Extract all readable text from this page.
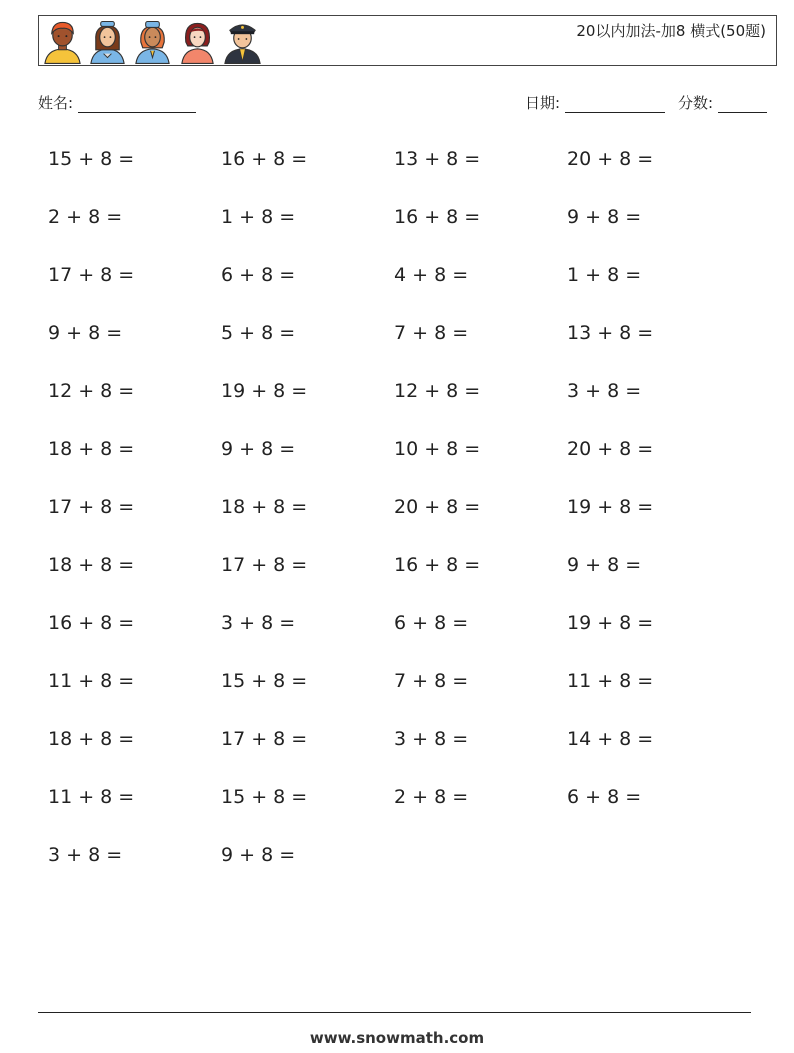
20以内加法-加8 横式(50题)
姓名:	日期:	分数:
15 + 8 =	16 + 8 =	13 + 8 =	20 + 8 =
2 + 8 =	1 + 8 =	16 + 8 =	9 + 8 =
17 + 8 =	6 + 8 =	4 + 8 =	1 + 8 =
9 + 8 =	5 + 8 =	7 + 8 =	13 + 8 =
12 + 8 =	19 + 8 =	12 + 8 =	3 + 8 =
18 + 8 =	9 + 8 =	10 + 8 =	20 + 8 =
17 + 8 =	18 + 8 =	20 + 8 =	19 + 8 =
18 + 8 =	17 + 8 =	16 + 8 =	9 + 8 =
16 + 8 =	3 + 8 =	6 + 8 =	19 + 8 =
11 + 8 =	15 + 8 =	7 + 8 =	11 + 8 =
18 + 8 =	17 + 8 =	3 + 8 =	14 + 8 =
11 + 8 =	15 + 8 =	2 + 8 =	6 + 8 =
3 + 8 =	9 + 8 =
www.snowmath.com
